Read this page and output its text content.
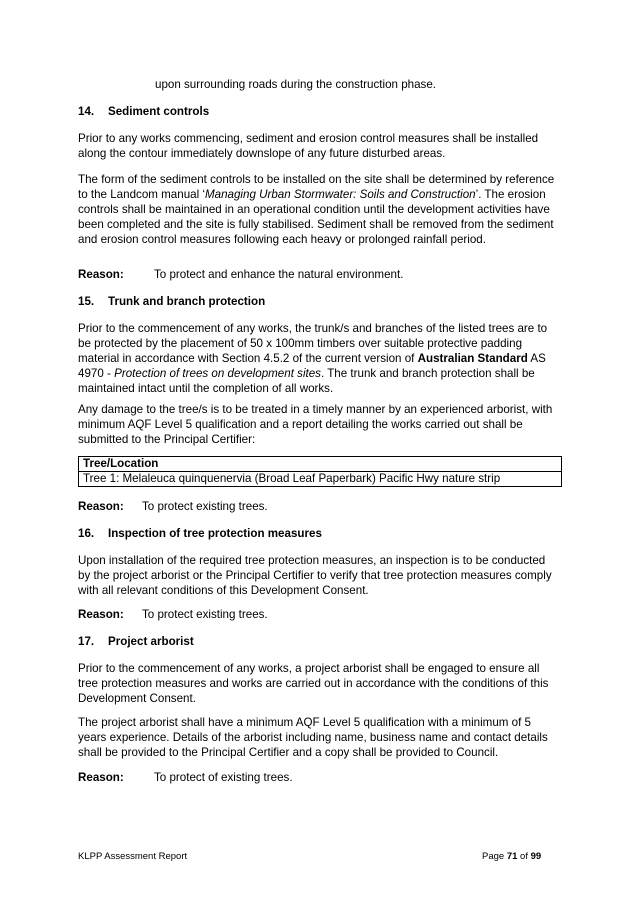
upon surrounding roads during the construction phase.

14. Sediment controls

Prior to any works commencing, sediment and erosion control measures shall be installed along the contour immediately downslope of any future disturbed areas.

The form of the sediment controls to be installed on the site shall be determined by reference to the Landcom manual ‘Managing Urban Stormwater: Soils and Construction’. The erosion controls shall be maintained in an operational condition until the development activities have been completed and the site is fully stabilised. Sediment shall be removed from the sediment and erosion control measures following each heavy or prolonged rainfall period.

Reason:	To protect and enhance the natural environment.

15. Trunk and branch protection

Prior to the commencement of any works, the trunk/s and branches of the listed trees are to be protected by the placement of 50 x 100mm timbers over suitable protective padding material in accordance with Section 4.5.2 of the current version of Australian Standard AS 4970 - Protection of trees on development sites. The trunk and branch protection shall be maintained intact until the completion of all works.

Any damage to the tree/s is to be treated in a timely manner by an experienced arborist, with minimum AQF Level 5 qualification and a report detailing the works carried out shall be submitted to the Principal Certifier:

Tree/Location
Tree 1: Melaleuca quinquenervia (Broad Leaf Paperbark) Pacific Hwy nature strip

Reason: To protect existing trees.

16. Inspection of tree protection measures

Upon installation of the required tree protection measures, an inspection is to be conducted by the project arborist or the Principal Certifier to verify that tree protection measures comply with all relevant conditions of this Development Consent.

Reason: To protect existing trees.

17. Project arborist

Prior to the commencement of any works, a project arborist shall be engaged to ensure all tree protection measures and works are carried out in accordance with the conditions of this Development Consent.

The project arborist shall have a minimum AQF Level 5 qualification with a minimum of 5 years experience. Details of the arborist including name, business name and contact details shall be provided to the Principal Certifier and a copy shall be provided to Council.

Reason:	To protect of existing trees.

KLPP Assessment Report	Page 71 of 99
